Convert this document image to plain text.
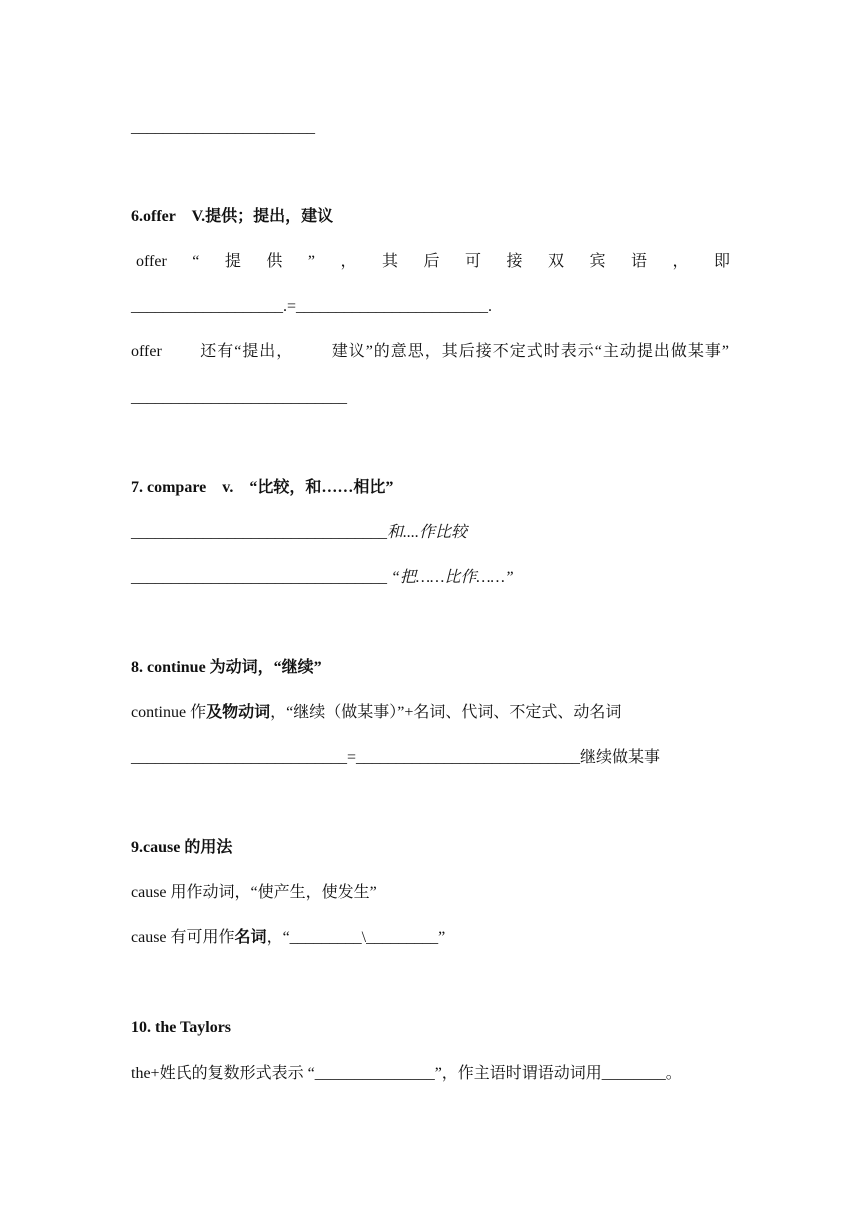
_______________________
6.offer　V.提供；提出，建议
offer “ 提 供 ” ， 其 后 可 接 双 宾 语 ， 即
___________________.=________________________.
offer 还有“提出， 建议”的意思，其后接不定式时表示“主动提出做某事”
___________________________
7. compare　v.　“比较，和……相比”
________________________________和....作比较
________________________________ “把……比作……”
8. continue 为动词，“继续”
continue 作及物动词，“继续（做某事）”+名词、代词、不定式、动名词
___________________________=____________________________继续做某事
9.cause 的用法
cause 用作动词，“使产生，使发生”
cause 有可用作名词，“_________\_________”
10. the Taylors
the+姓氏的复数形式表示 “_______________”，作主语时谓语动词用________。
